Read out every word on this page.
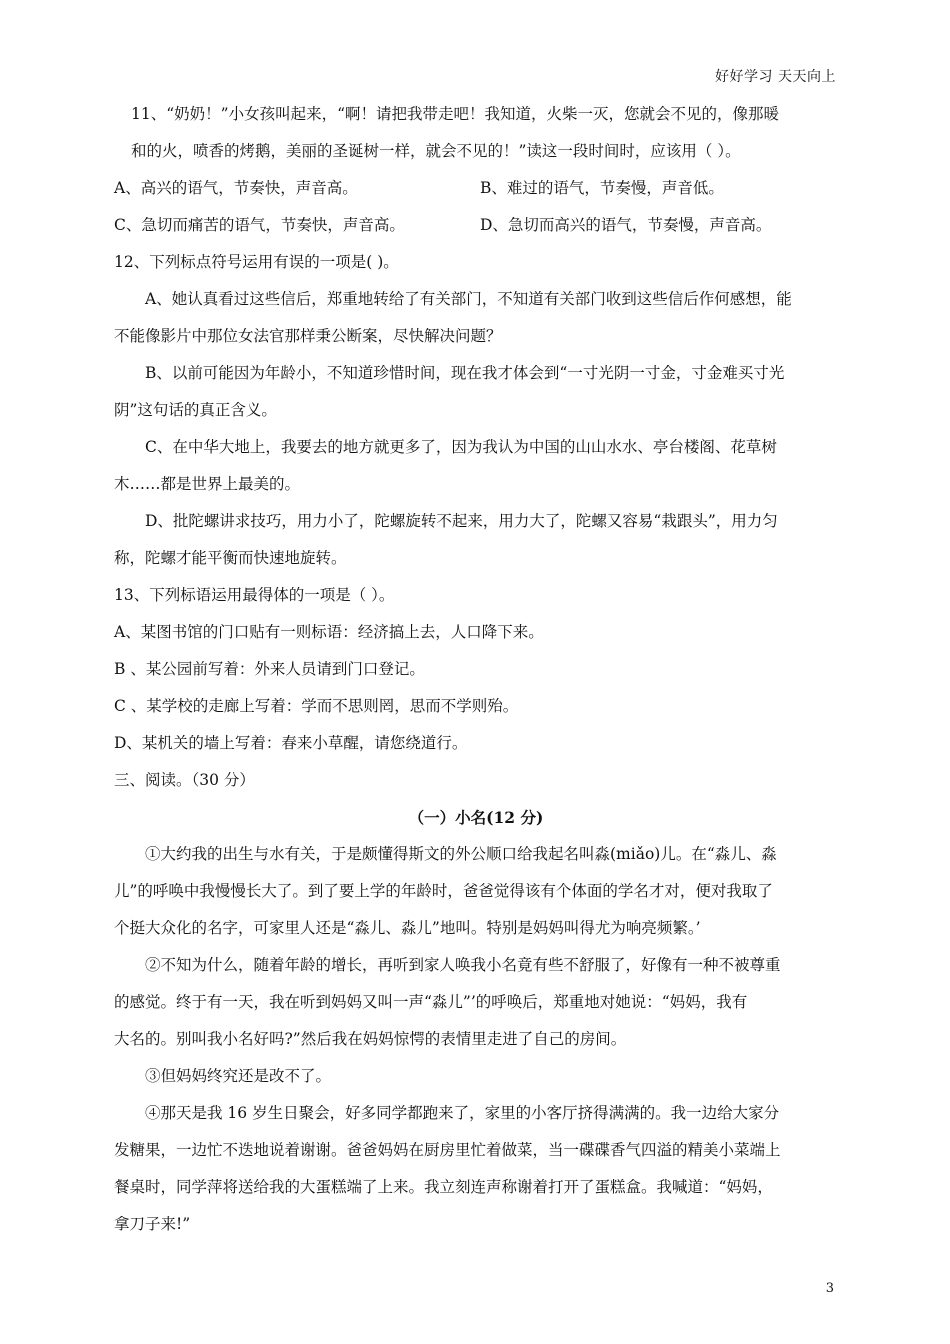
好好学习 天天向上
11、“奶奶！”小女孩叫起来，“啊！请把我带走吧！我知道，火柴一灭，您就会不见的，像那暖
和的火，喷香的烤鹅，美丽的圣诞树一样，就会不见的！”读这一段时间时，应该用（ ）。
A、高兴的语气，节奏快，声音高。	B、难过的语气，节奏慢，声音低。
C、急切而痛苦的语气，节奏快，声音高。	D、急切而高兴的语气，节奏慢，声音高。
12、下列标点符号运用有误的一项是( )。
A、她认真看过这些信后，郑重地转给了有关部门，不知道有关部门收到这些信后作何感想，能
不能像影片中那位女法官那样秉公断案，尽快解决问题？
B、以前可能因为年龄小，不知道珍惜时间，现在我才体会到“一寸光阴一寸金，寸金难买寸光
阴”这句话的真正含义。
C、在中华大地上，我要去的地方就更多了，因为我认为中国的山山水水、亭台楼阁、花草树
木……都是世界上最美的。
D、批陀螺讲求技巧，用力小了，陀螺旋转不起来，用力大了，陀螺又容易“栽跟头”，用力匀
称，陀螺才能平衡而快速地旋转。
13、下列标语运用最得体的一项是（ ）。
A、某图书馆的门口贴有一则标语：经济搞上去，人口降下来。
B 、某公园前写着：外来人员请到门口登记。
C 、某学校的走廊上写着：学而不思则罔，思而不学则殆。
D、某机关的墙上写着：春来小草醒，请您绕道行。
三、阅读。（30 分）
（一）小名(12 分)
①大约我的出生与水有关，于是颇懂得斯文的外公顺口给我起名叫淼(miǎo)儿。在“淼儿、淼
儿”的呼唤中我慢慢长大了。到了要上学的年龄时，爸爸觉得该有个体面的学名才对，便对我取了
个挺大众化的名字，可家里人还是“淼儿、淼儿”地叫。特别是妈妈叫得尤为响亮频繁。’
②不知为什么，随着年龄的增长，再听到家人唤我小名竟有些不舒服了，好像有一种不被尊重
的感觉。终于有一天，我在听到妈妈又叫一声“淼儿”’的呼唤后，郑重地对她说：“妈妈，我有
大名的。别叫我小名好吗?”然后我在妈妈惊愕的表情里走进了自己的房间。
③但妈妈终究还是改不了。
④那天是我 16 岁生日聚会，好多同学都跑来了，家里的小客厅挤得满满的。我一边给大家分
发糖果，一边忙不迭地说着谢谢。爸爸妈妈在厨房里忙着做菜，当一碟碟香气四溢的精美小菜端上
餐桌时，同学萍将送给我的大蛋糕端了上来。我立刻连声称谢着打开了蛋糕盒。我喊道：“妈妈，
拿刀子来!”
3
